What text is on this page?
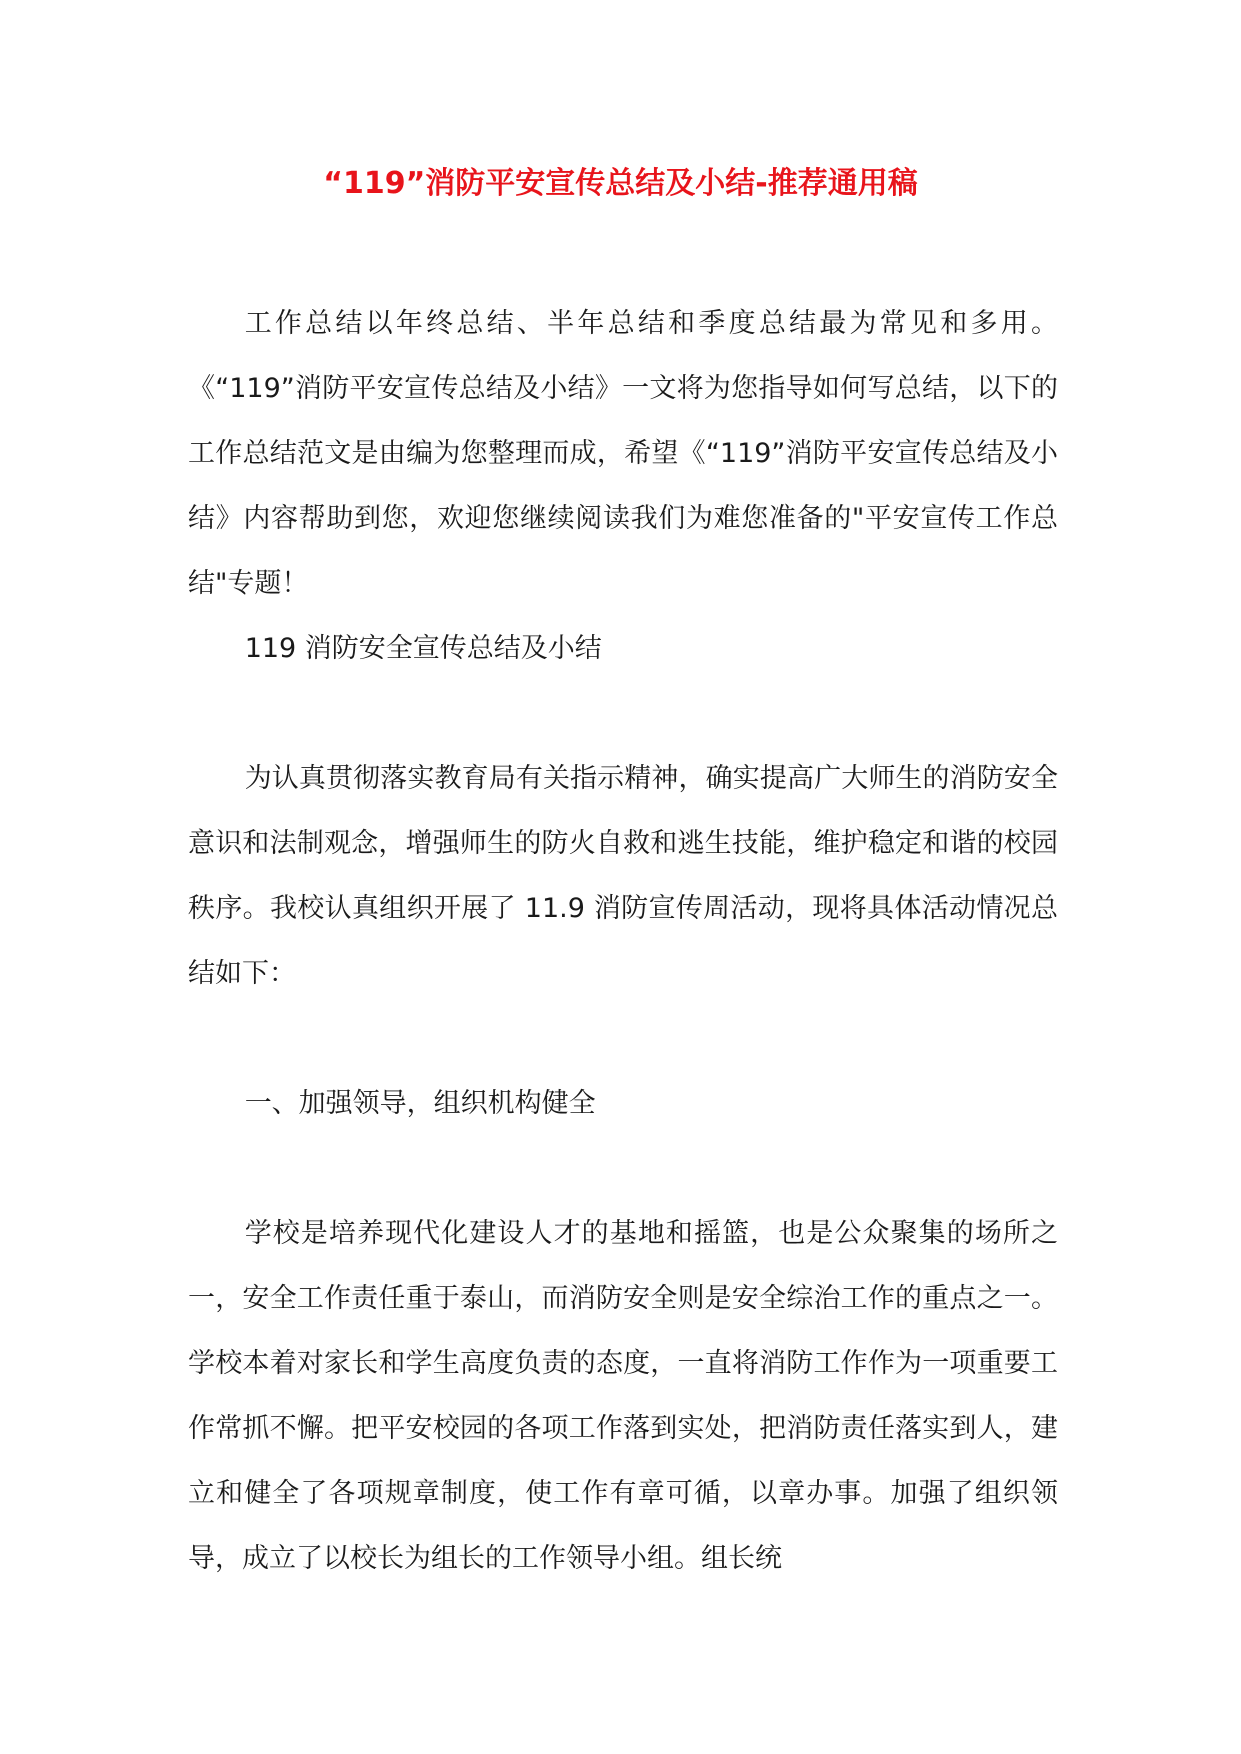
“119”消防平安宣传总结及小结-推荐通用稿

工作总结以年终总结、半年总结和季度总结最为常见和多用。《“119”消防平安宣传总结及小结》一文将为您指导如何写总结，以下的工作总结范文是由编为您整理而成，希望《“119”消防平安宣传总结及小结》内容帮助到您，欢迎您继续阅读我们为难您准备的"平安宣传工作总结"专题！

119 消防安全宣传总结及小结

为认真贯彻落实教育局有关指示精神，确实提高广大师生的消防安全意识和法制观念，增强师生的防火自救和逃生技能，维护稳定和谐的校园秩序。我校认真组织开展了 11.9 消防宣传周活动，现将具体活动情况总结如下：

一、加强领导，组织机构健全

学校是培养现代化建设人才的基地和摇篮，也是公众聚集的场所之一，安全工作责任重于泰山，而消防安全则是安全综治工作的重点之一。学校本着对家长和学生高度负责的态度，一直将消防工作作为一项重要工作常抓不懈。把平安校园的各项工作落到实处，把消防责任落实到人，建立和健全了各项规章制度，使工作有章可循，以章办事。加强了组织领导，成立了以校长为组长的工作领导小组。组长统
